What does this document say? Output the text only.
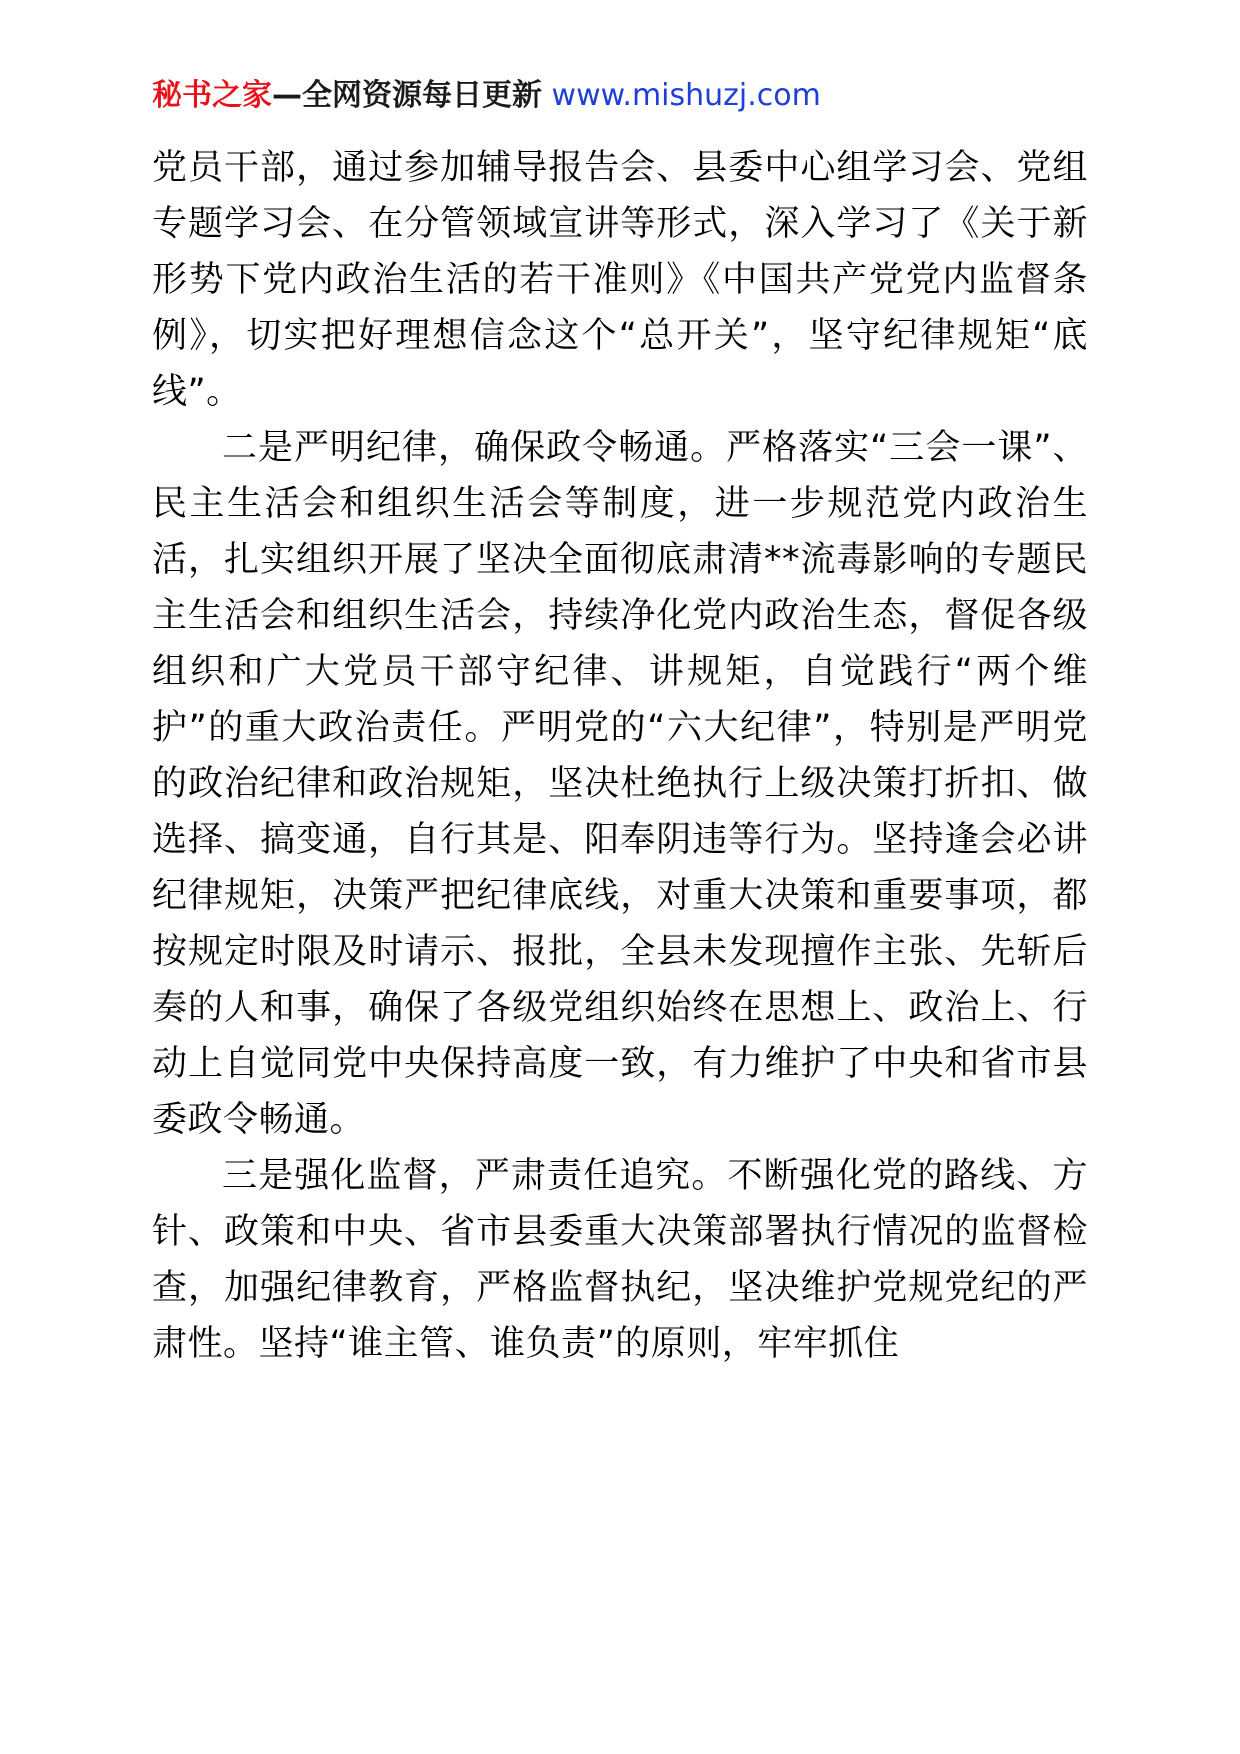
秘书之家—全网资源每日更新 www.mishuzj.com

党员干部，通过参加辅导报告会、县委中心组学习会、党组专题学习会、在分管领域宣讲等形式，深入学习了《关于新形势下党内政治生活的若干准则》《中国共产党党内监督条例》，切实把好理想信念这个“总开关”，坚守纪律规矩“底线”。

二是严明纪律，确保政令畅通。严格落实“三会一课”、民主生活会和组织生活会等制度，进一步规范党内政治生活，扎实组织开展了坚决全面彻底肃清**流毒影响的专题民主生活会和组织生活会，持续净化党内政治生态，督促各级组织和广大党员干部守纪律、讲规矩，自觉践行“两个维护”的重大政治责任。严明党的“六大纪律”，特别是严明党的政治纪律和政治规矩，坚决杜绝执行上级决策打折扣、做选择、搞变通，自行其是、阳奉阴违等行为。坚持逢会必讲纪律规矩，决策严把纪律底线，对重大决策和重要事项，都按规定时限及时请示、报批，全县未发现擅作主张、先斩后奏的人和事，确保了各级党组织始终在思想上、政治上、行动上自觉同党中央保持高度一致，有力维护了中央和省市县委政令畅通。

三是强化监督，严肃责任追究。不断强化党的路线、方针、政策和中央、省市县委重大决策部署执行情况的监督检查，加强纪律教育，严格监督执纪，坚决维护党规党纪的严肃性。坚持“谁主管、谁负责”的原则，牢牢抓住
